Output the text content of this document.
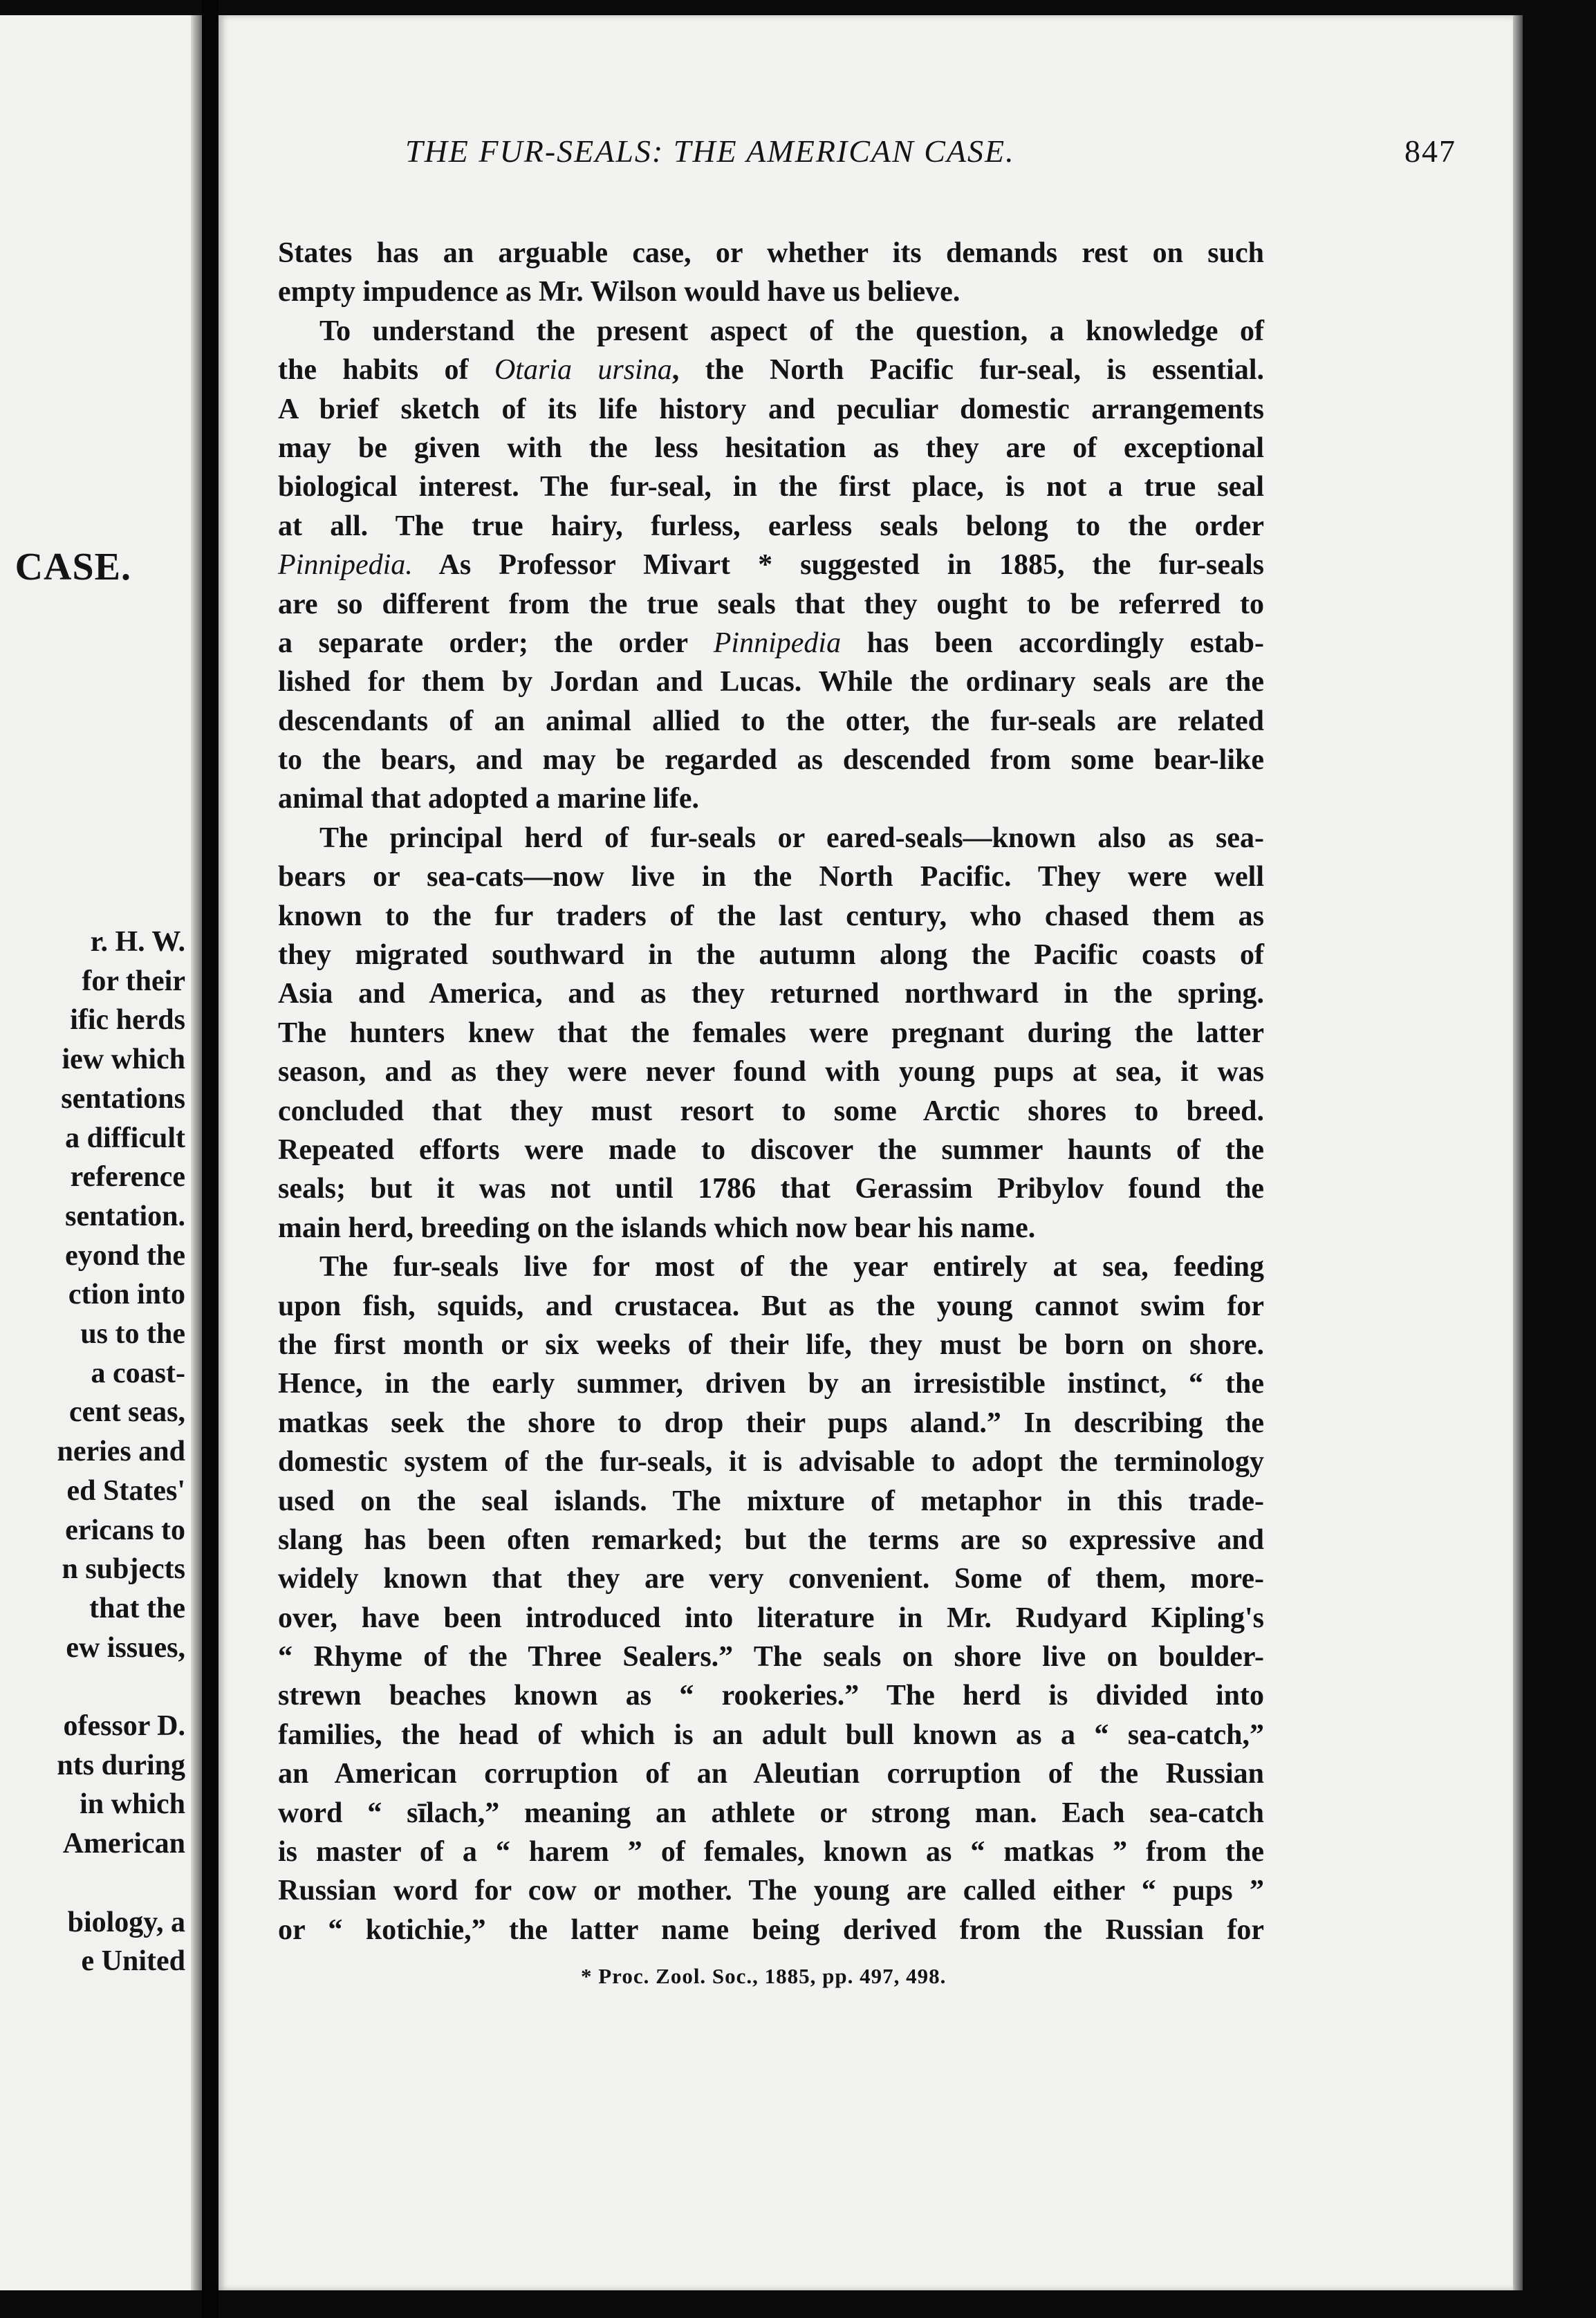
CASE.
r. H. W.
for their
ific herds
iew which
sentations
a difficult
reference
sentation.
eyond the
ction into
us to the
a coast-
cent seas,
neries and
ed States'
ericans to
n subjects
that the
ew issues,
ofessor D.
nts during
in which
American
biology, a
e United
THE FUR-SEALS: THE AMERICAN CASE.	847
States has an arguable case, or whether its demands rest on such
empty impudence as Mr. Wilson would have us believe.
To understand the present aspect of the question, a knowledge of
the habits of Otaria ursina, the North Pacific fur-seal, is essential.
A brief sketch of its life history and peculiar domestic arrangements
may be given with the less hesitation as they are of exceptional
biological interest. The fur-seal, in the first place, is not a true seal
at all. The true hairy, furless, earless seals belong to the order
Pinnipedia. As Professor Mivart * suggested in 1885, the fur-seals
are so different from the true seals that they ought to be referred to
a separate order; the order Pinnipedia has been accordingly estab-
lished for them by Jordan and Lucas. While the ordinary seals are the
descendants of an animal allied to the otter, the fur-seals are related
to the bears, and may be regarded as descended from some bear-like
animal that adopted a marine life.
The principal herd of fur-seals or eared-seals—known also as sea-
bears or sea-cats—now live in the North Pacific. They were well
known to the fur traders of the last century, who chased them as
they migrated southward in the autumn along the Pacific coasts of
Asia and America, and as they returned northward in the spring.
The hunters knew that the females were pregnant during the latter
season, and as they were never found with young pups at sea, it was
concluded that they must resort to some Arctic shores to breed.
Repeated efforts were made to discover the summer haunts of the
seals; but it was not until 1786 that Gerassim Pribylov found the
main herd, breeding on the islands which now bear his name.
The fur-seals live for most of the year entirely at sea, feeding
upon fish, squids, and crustacea. But as the young cannot swim for
the first month or six weeks of their life, they must be born on shore.
Hence, in the early summer, driven by an irresistible instinct, “ the
matkas seek the shore to drop their pups aland.” In describing the
domestic system of the fur-seals, it is advisable to adopt the terminology
used on the seal islands. The mixture of metaphor in this trade-
slang has been often remarked; but the terms are so expressive and
widely known that they are very convenient. Some of them, more-
over, have been introduced into literature in Mr. Rudyard Kipling's
“ Rhyme of the Three Sealers.” The seals on shore live on boulder-
strewn beaches known as “ rookeries.” The herd is divided into
families, the head of which is an adult bull known as a “ sea-catch,”
an American corruption of an Aleutian corruption of the Russian
word “ sīlach,” meaning an athlete or strong man. Each sea-catch
is master of a “ harem ” of females, known as “ matkas ” from the
Russian word for cow or mother. The young are called either “ pups ”
or “ kotichie,” the latter name being derived from the Russian for
* Proc. Zool. Soc., 1885, pp. 497, 498.
